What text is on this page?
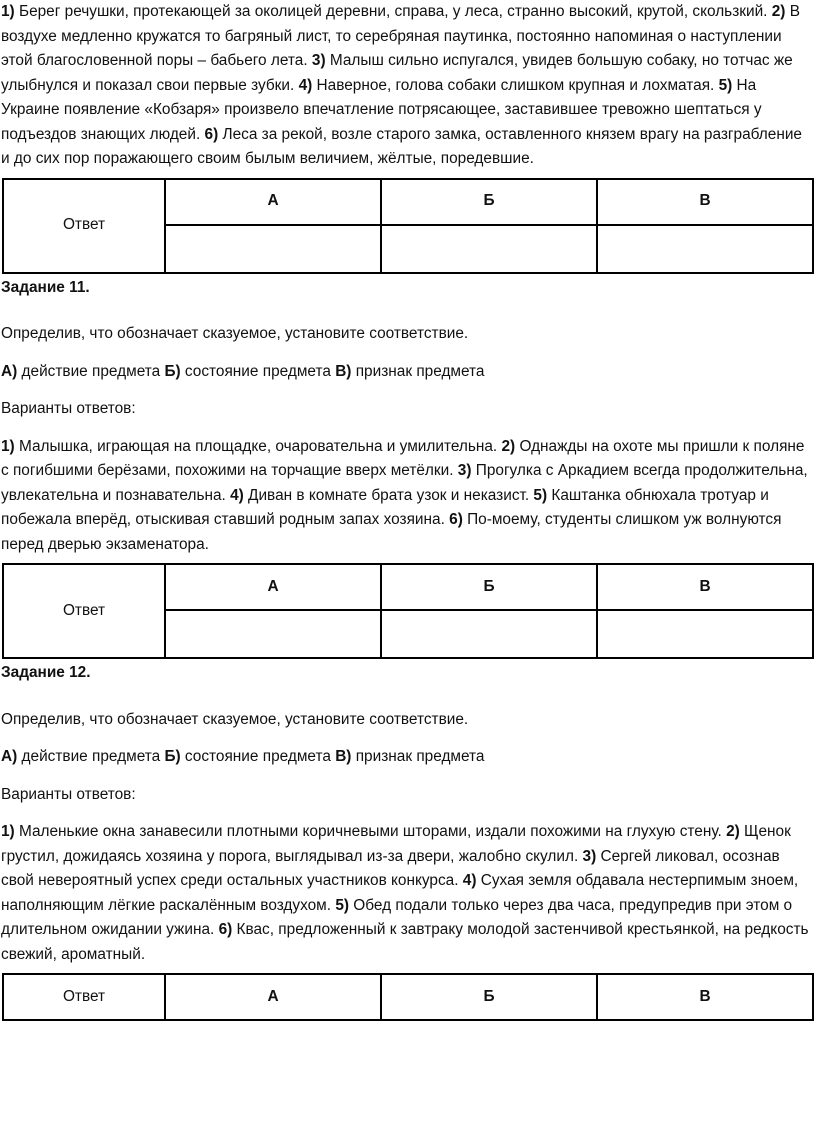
1) Берег речушки, протекающей за околицей деревни, справа, у леса, странно высокий, крутой, скользкий. 2) В воздухе медленно кружатся то багряный лист, то серебряная паутинка, постоянно напоминая о наступлении этой благословенной поры – бабьего лета. 3) Малыш сильно испугался, увидев большую собаку, но тотчас же улыбнулся и показал свои первые зубки. 4) Наверное, голова собаки слишком крупная и лохматая. 5) На Украине появление «Кобзаря» произвело впечатление потрясающее, заставившее тревожно шептаться у подъездов знающих людей. 6) Леса за рекой, возле старого замка, оставленного князем врагу на разграбление и до сих пор поражающего своим былым величием, жёлтые, поредевшие.

Ответ	А	Б	В

Задание 11.

Определив, что обозначает сказуемое, установите соответствие.

А) действие предмета Б) состояние предмета В) признак предмета

Варианты ответов:

1) Малышка, играющая на площадке, очаровательна и умилительна. 2) Однажды на охоте мы пришли к поляне с погибшими берёзами, похожими на торчащие вверх метёлки. 3) Прогулка с Аркадием всегда продолжительна, увлекательна и познавательна. 4) Диван в комнате брата узок и неказист. 5) Каштанка обнюхала тротуар и побежала вперёд, отыскивая ставший родным запах хозяина. 6) По-моему, студенты слишком уж волнуются перед дверью экзаменатора.

Ответ	А	Б	В

Задание 12.

Определив, что обозначает сказуемое, установите соответствие.

А) действие предмета Б) состояние предмета В) признак предмета

Варианты ответов:

1) Маленькие окна занавесили плотными коричневыми шторами, издали похожими на глухую стену. 2) Щенок грустил, дожидаясь хозяина у порога, выглядывал из-за двери, жалобно скулил. 3) Сергей ликовал, осознав свой невероятный успех среди остальных участников конкурса. 4) Сухая земля обдавала нестерпимым зноем, наполняющим лёгкие раскалённым воздухом. 5) Обед подали только через два часа, предупредив при этом о длительном ожидании ужина. 6) Квас, предложенный к завтраку молодой застенчивой крестьянкой, на редкость свежий, ароматный.

Ответ	А	Б	В
